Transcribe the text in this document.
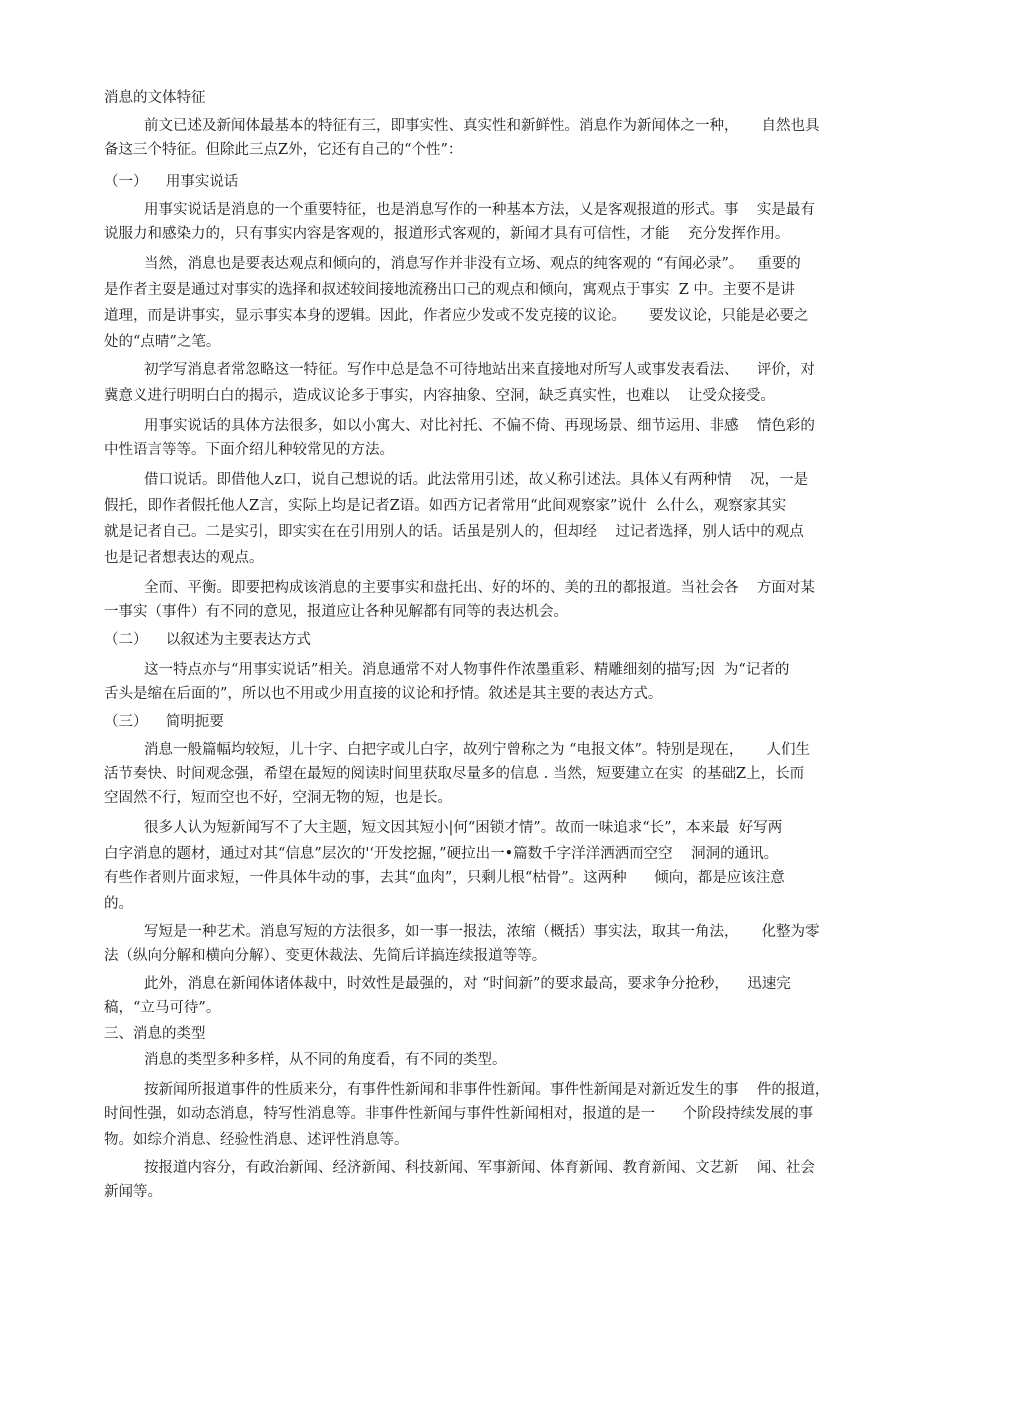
消息的文体特征
前文已述及新闻体最基本的特征有三，即事实性、真实性和新鲜性。消息作为新闻体之一种，     自然也具
备这三个特征。但除此三点Z外，它还有自己的“个性”：
（一）    用事实说话
用事实说话是消息的一个重要特征，也是消息写作的一种基本方法，乂是客观报道的形式。事    实是最有
说服力和感染力的，只有事实内容是客观的，报道形式客观的，新闻才具有可信性，才能    充分发挥作用。
当然，消息也是要表达观点和倾向的，消息写作并非没有立场、观点的纯客观的 “有闻必录”。   重要的
是作者主耍是通过对事实的选择和叔述较间接地流務出口己的观点和倾向，寓观点于事实  Z 中。主要不是讲
道理，而是讲事实，显示事实本身的逻辑。因此，作者应少发或不发克接的议论。     要发议论，只能是必要之
处的“点晴”之笔。
初学写消息者常忽略这一特征。写作中总是急不可待地站出来直接地对所写人或事发表看法、    评价，对
冀意义进行明明白白的揭示，造成议论多于事实，内容抽象、空洞，缺乏真实性，也难以    让受众接受。
用事实说话的具体方法很多，如以小寓大、对比衬托、不偏不倚、再现场景、细节运用、非感    情色彩的
中性语言等等。下面介绍儿种较常见的方法。
借口说话。即借他人z口，说自己想说的话。此法常用引述，故乂称引述法。具体乂有两种情    况，一是
假托，即作者假托他人Z言，实际上均是记者Z语。如西方记者常用“此间观察家”说什  么什么，观察家其实
就是记者自己。二是实引，即实实在在引用别人的话。话虽是别人的，但却经    过记者选择，别人话中的观点
也是记者想表达的观点。
全而、平衡。即要把构成该消息的主要事实和盘托出、好的坏的、美的丑的都报道。当社会各    方面对某
一事实（事件）有不同的意见，报道应让各种见解都有同等的表达机会。
（二）    以叙述为主要表达方式
这一特点亦与“用事实说话”相关。消息通常不对人物事件作浓墨重彩、精雕细刻的描写;因  为“记者的
舌头是缩在后面的”，所以也不用或少用直接的议论和抒情。敘述是其主要的表达方式。
（三）    简明扼要
消息一般篇幅均较短，儿十字、白把字或儿白字，故列宁曾称之为 “电报文体”。特别是现在，     人们生
活节奏快、时间观念强，希望在最短的阅读时间里获取尽量多的信息 . 当然，短要建立在实  的基础Z上，长而
空固然不行，短而空也不好，空洞无物的短，也是长。
很多人认为短新闻写不了大主题，短文因其短小|何“困锁才情”。故而一味追求“长”，本来最  好写两
白字消息的题材，通过对其“信息”层次的'‘开发挖掘，”硬拉出一•篇数千字洋洋洒洒而空空    洞洞的通讯。
有些作者则片面求短，一件具体牛动的事，去其“血肉”，只剩儿根“枯骨”。这两种      倾向，都是应该注意
的。
写短是一种艺术。消息写短的方法很多，如一事一报法，浓缩（概括）事实法，取其一角法，     化整为零
法（纵向分解和横向分解）、变更休裁法、先简后详搞连续报道等等。
此外，消息在新闻体诸体裁中，时效性是最强的，对 “时间新”的要求最高，要求争分抢秒，    迅速完
稿，“立马可待”。
三、消息的类型
消息的类型多种多样，从不同的角度看，有不同的类型。
按新闻所报道事件的性质来分，有事件性新闻和非事件性新闻。事件性新闻是对新近发生的事    件的报道，
时间性强，如动态消息，特写性消息等。非事件性新闻与事件性新闻相对，报道的是一      个阶段持续发展的事
物。如综介消息、经验性消息、述评性消息等。
按报道内容分，有政治新闻、经济新闻、科技新闻、军事新闻、体育新闻、教育新闻、文艺新    闻、社会
新闻等。
